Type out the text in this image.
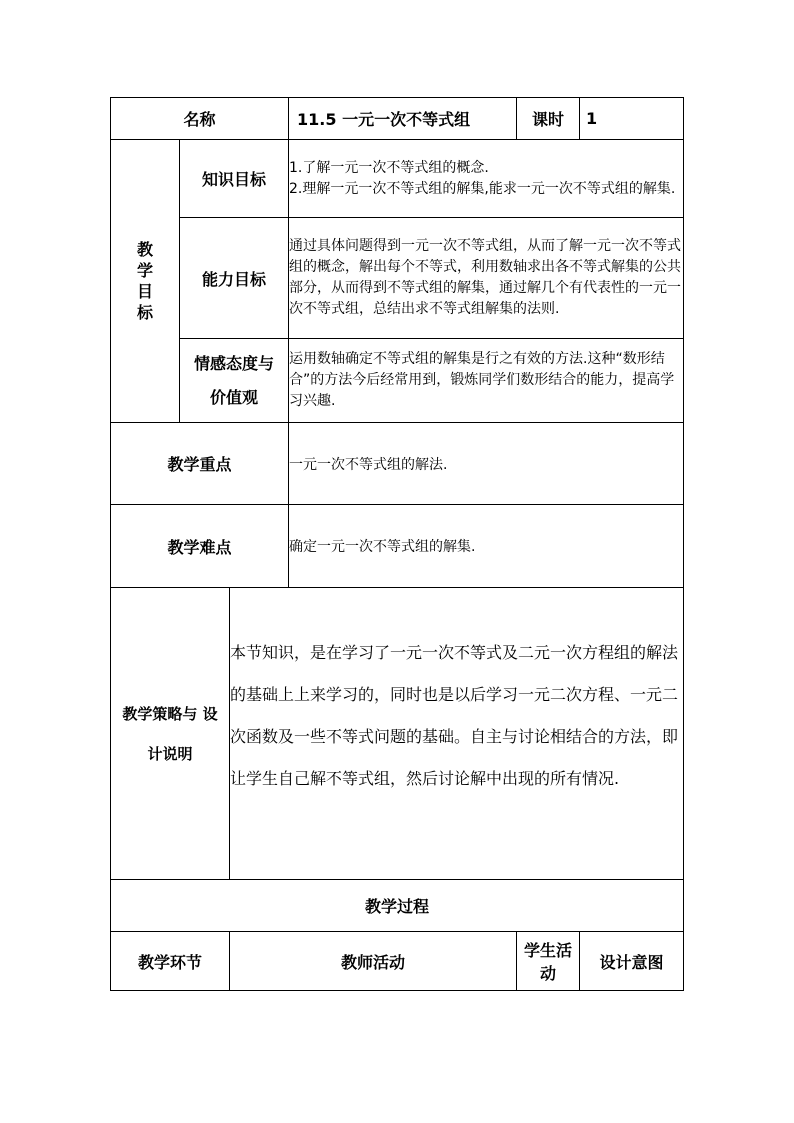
名称			11.5 一元一次不等式组	课时	1
教学目标	知识目标		1.了解一元一次不等式组的概念.
2.理解一元一次不等式组的解集,能求一元一次不等式组的解集.		

	能力目标		通过具体问题得到一元一次不等式组，从而了解一元一次不等式组的概念，解出每个不等式，利用数轴求出各不等式解集的公共部分，从而得到不等式组的解集，通过解几个有代表性的一元一次不等式组，总结出求不等式组解集的法则.		

	情感态度与
价值观		运用数轴确定不等式组的解集是行之有效的方法.这种“数形结合”的方法今后经常用到，锻炼同学们数形结合的能力，提高学习兴趣.		
教学重点			一元一次不等式组的解法.		
教学难点			确定一元一次不等式组的解集.		

教学策略与 设
计说明		本节知识，是在学习了一元一次不等式及二元一次方程组的解法的基础上上来学习的，同时也是以后学习一元二次方程、一元二次函数及一些不等式问题的基础。自主与讨论相结合的方法，即让学生自己解不等式组，然后讨论解中出现的所有情况.			
教学过程					
教学环节		教师活动		学生活动	设计意图
